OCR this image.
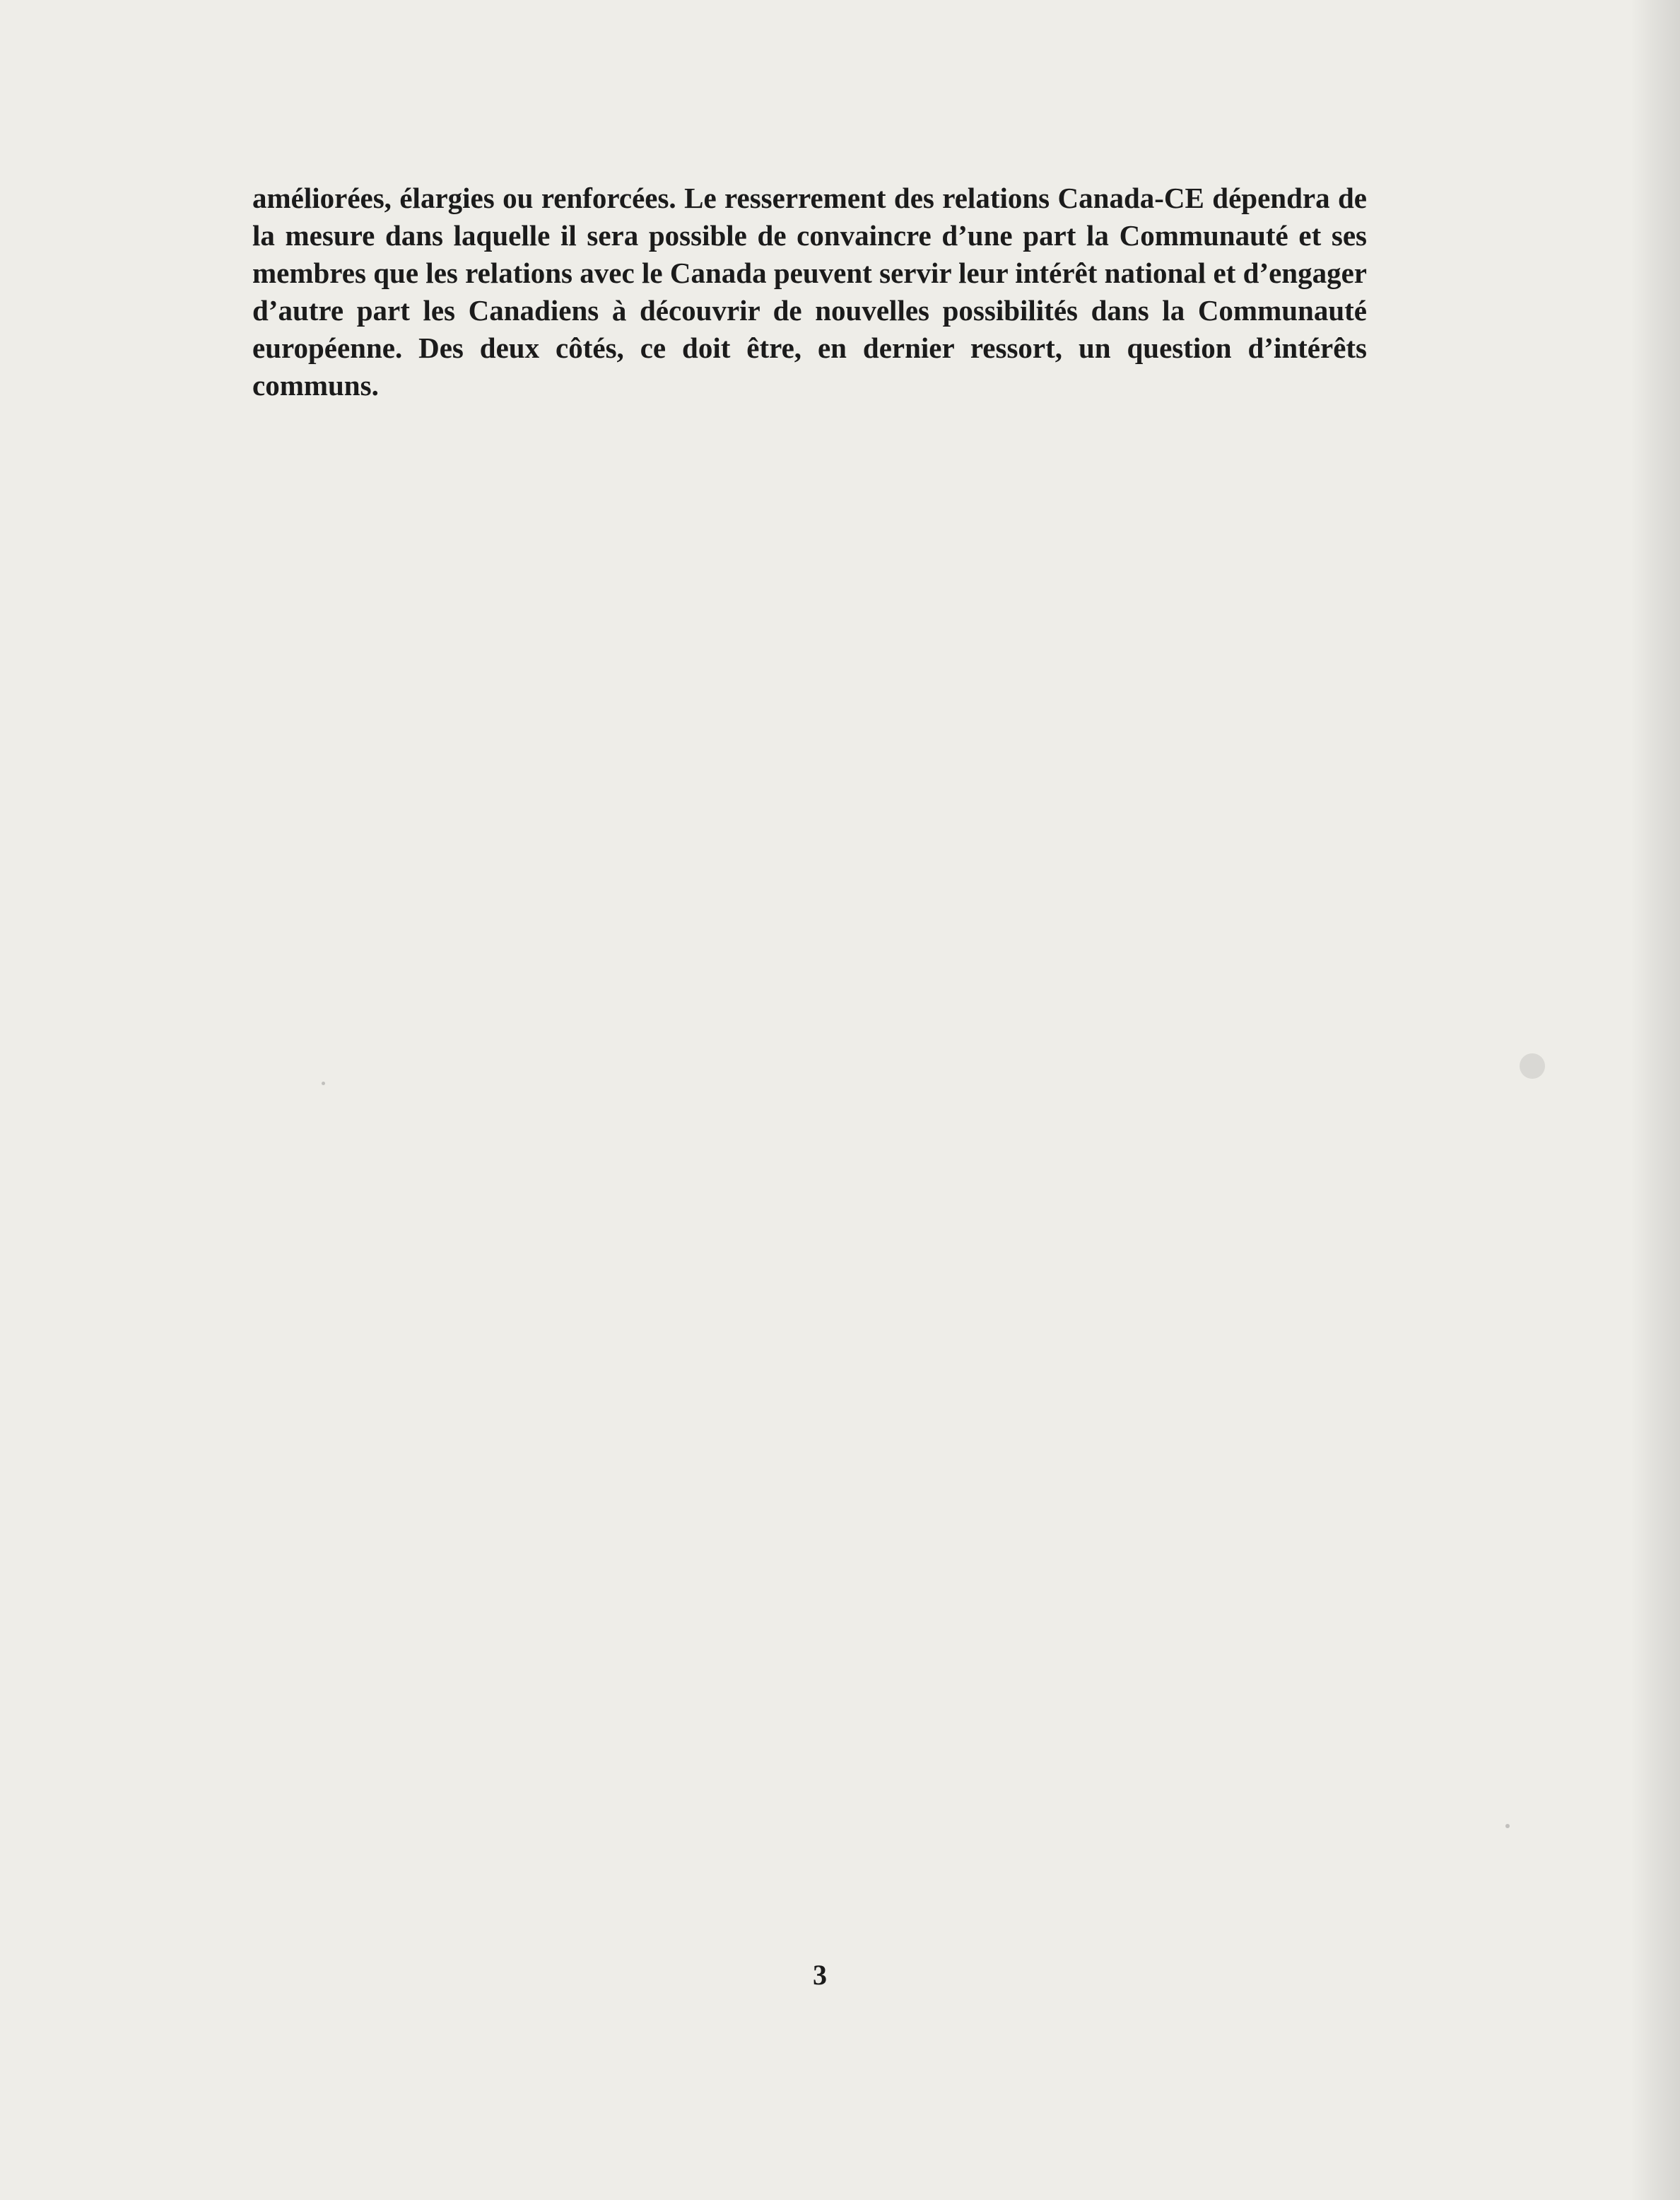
améliorées, élargies ou renforcées. Le resserrement des relations Canada-CE dépendra de la mesure dans laquelle il sera possible de convaincre d’une part la Communauté et ses membres que les relations avec le Canada peuvent servir leur intérêt national et d’engager d’autre part les Canadiens à découvrir de nouvelles possibilités dans la Communauté européenne. Des deux côtés, ce doit être, en dernier ressort, un question d’intérêts communs.

3
